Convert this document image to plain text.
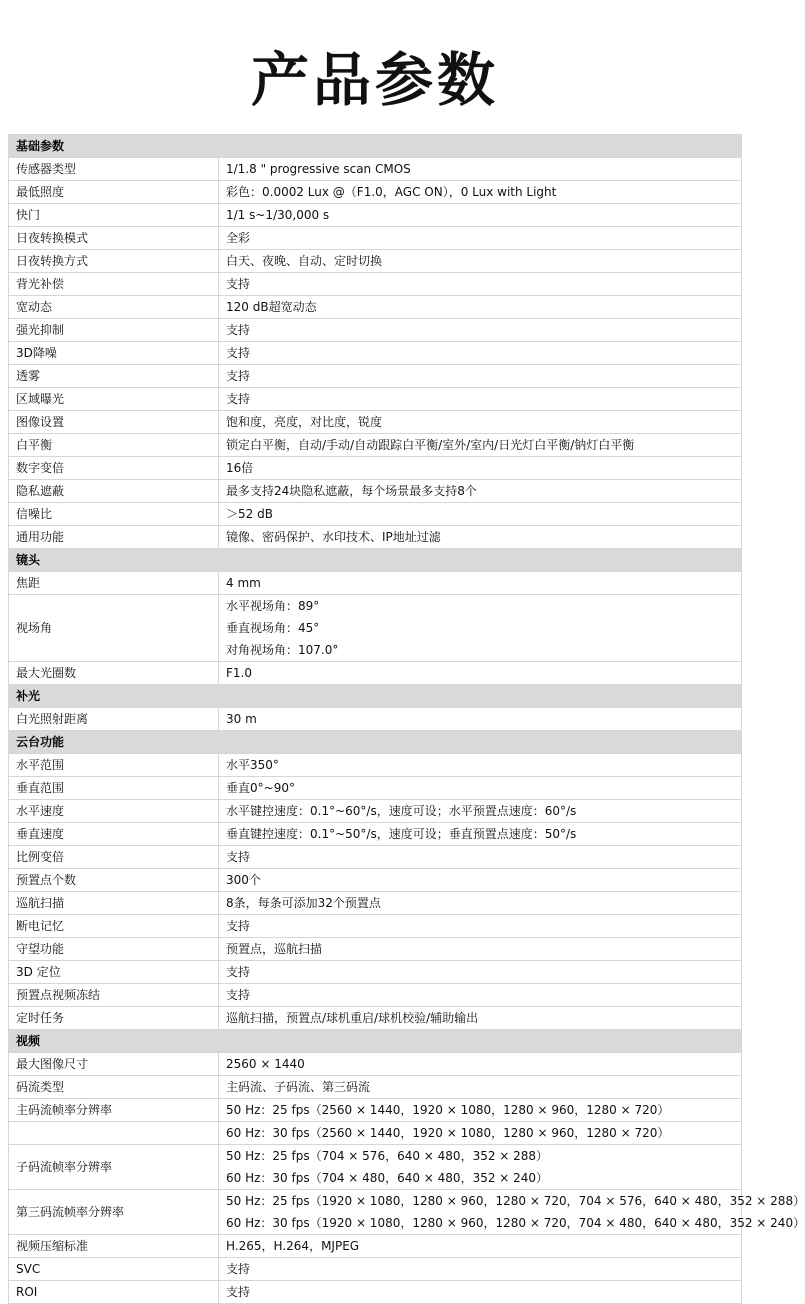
产品参数
基础参数	
传感器类型	1/1.8 " progressive scan CMOS

最低照度	彩色：0.0002 Lux @（F1.0，AGC ON），0 Lux with Light

快门	1/1 s~1/30,000 s

日夜转换模式	全彩

日夜转换方式	白天、夜晚、自动、定时切换

背光补偿	支持

宽动态	120 dB超宽动态

强光抑制	支持

3D降噪	支持

透雾	支持

区域曝光	支持

图像设置	饱和度，亮度，对比度，锐度

白平衡	锁定白平衡，自动/手动/自动跟踪白平衡/室外/室内/日光灯白平衡/钠灯白平衡

数字变倍	16倍

隐私遮蔽	最多支持24块隐私遮蔽，每个场景最多支持8个

信噪比	＞52 dB

通用功能	镜像、密码保护、水印技术、IP地址过滤

镜头	
焦距	4 mm

视场角	水平视场角：89°
垂直视场角：45°
对角视场角：107.0°

最大光圈数	F1.0

补光	
白光照射距离	30 m

云台功能	
水平范围	水平350°

垂直范围	垂直0°~90°

水平速度	水平键控速度：0.1°~60°/s，速度可设；水平预置点速度：60°/s

垂直速度	垂直键控速度：0.1°~50°/s，速度可设；垂直预置点速度：50°/s

比例变倍	支持

预置点个数	300个

巡航扫描	8条，每条可添加32个预置点

断电记忆	支持

守望功能	预置点，巡航扫描

3D 定位	支持

预置点视频冻结	支持

定时任务	巡航扫描，预置点/球机重启/球机校验/辅助输出

视频	
最大图像尺寸	2560 × 1440

码流类型	主码流、子码流、第三码流

主码流帧率分辨率	50 Hz：25 fps（2560 × 1440，1920 × 1080，1280 × 960，1280 × 720）

	60 Hz：30 fps（2560 × 1440，1920 × 1080，1280 × 960，1280 × 720）

子码流帧率分辨率	50 Hz：25 fps（704 × 576，640 × 480，352 × 288）
60 Hz：30 fps（704 × 480，640 × 480，352 × 240）

第三码流帧率分辨率	50 Hz：25 fps（1920 × 1080，1280 × 960，1280 × 720，704 × 576，640 × 480，352 × 288）
60 Hz：30 fps（1920 × 1080，1280 × 960，1280 × 720，704 × 480，640 × 480，352 × 240）

视频压缩标准	H.265，H.264，MJPEG

SVC	支持

ROI	支持
